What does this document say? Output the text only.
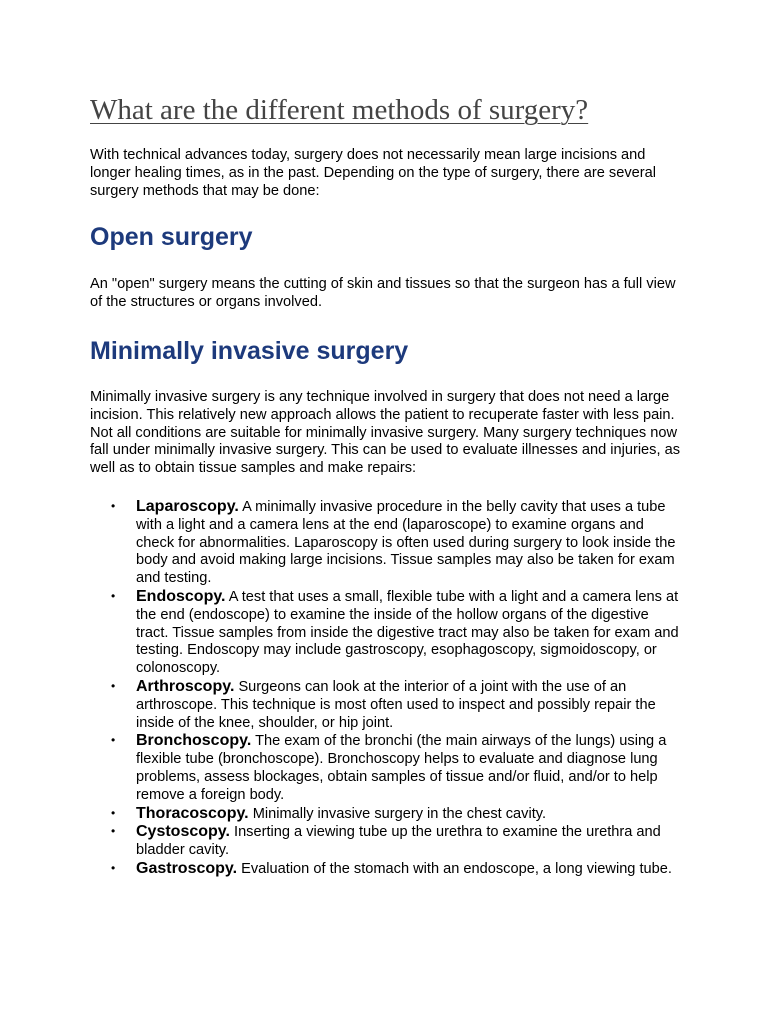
What are the different methods of surgery?

With technical advances today, surgery does not necessarily mean large incisions and longer healing times, as in the past. Depending on the type of surgery, there are several surgery methods that may be done:

Open surgery

An "open" surgery means the cutting of skin and tissues so that the surgeon has a full view of the structures or organs involved.

Minimally invasive surgery

Minimally invasive surgery is any technique involved in surgery that does not need a large incision. This relatively new approach allows the patient to recuperate faster with less pain. Not all conditions are suitable for minimally invasive surgery. Many surgery techniques now fall under minimally invasive surgery. This can be used to evaluate illnesses and injuries, as well as to obtain tissue samples and make repairs:

• Laparoscopy. A minimally invasive procedure in the belly cavity that uses a tube with a light and a camera lens at the end (laparoscope) to examine organs and check for abnormalities. Laparoscopy is often used during surgery to look inside the body and avoid making large incisions. Tissue samples may also be taken for exam and testing.
• Endoscopy. A test that uses a small, flexible tube with a light and a camera lens at the end (endoscope) to examine the inside of the hollow organs of the digestive tract. Tissue samples from inside the digestive tract may also be taken for exam and testing. Endoscopy may include gastroscopy, esophagoscopy, sigmoidoscopy, or colonoscopy.
• Arthroscopy. Surgeons can look at the interior of a joint with the use of an arthroscope. This technique is most often used to inspect and possibly repair the inside of the knee, shoulder, or hip joint.
• Bronchoscopy. The exam of the bronchi (the main airways of the lungs) using a flexible tube (bronchoscope). Bronchoscopy helps to evaluate and diagnose lung problems, assess blockages, obtain samples of tissue and/or fluid, and/or to help remove a foreign body.
• Thoracoscopy. Minimally invasive surgery in the chest cavity.
• Cystoscopy. Inserting a viewing tube up the urethra to examine the urethra and bladder cavity.
• Gastroscopy. Evaluation of the stomach with an endoscope, a long viewing tube.
